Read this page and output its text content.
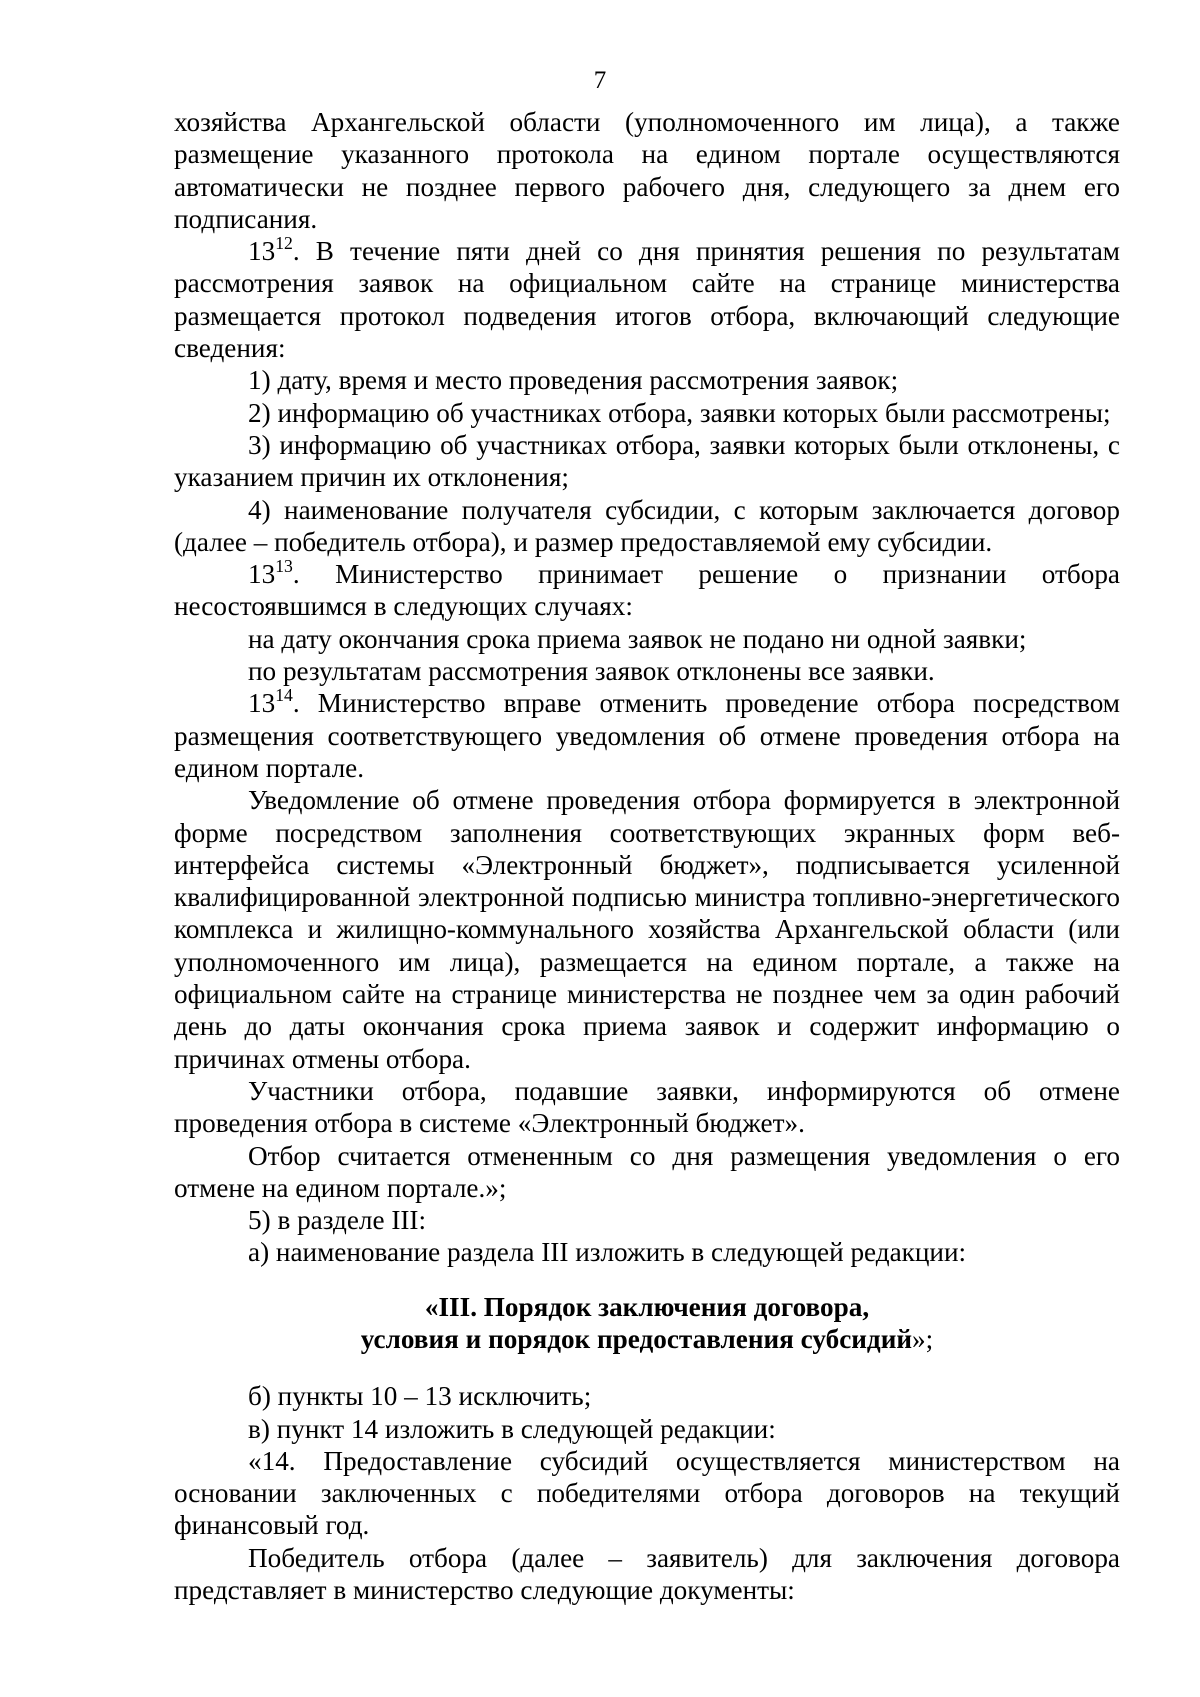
7

хозяйства Архангельской области (уполномоченного им лица), а также размещение указанного протокола на едином портале осуществляются автоматически не позднее первого рабочего дня, следующего за днем его подписания.

$13^{12}$. В течение пяти дней со дня принятия решения по результатам рассмотрения заявок на официальном сайте на странице министерства размещается протокол подведения итогов отбора, включающий следующие сведения:

1) дату, время и место проведения рассмотрения заявок;

2) информацию об участниках отбора, заявки которых были рассмотрены;

3) информацию об участниках отбора, заявки которых были отклонены, с указанием причин их отклонения;

4) наименование получателя субсидии, с которым заключается договор (далее – победитель отбора), и размер предоставляемой ему субсидии.

$13^{13}$. Министерство принимает решение о признании отбора несостоявшимся в следующих случаях:

на дату окончания срока приема заявок не подано ни одной заявки;

по результатам рассмотрения заявок отклонены все заявки.

$13^{14}$. Министерство вправе отменить проведение отбора посредством размещения соответствующего уведомления об отмене проведения отбора на едином портале.

Уведомление об отмене проведения отбора формируется в электронной форме посредством заполнения соответствующих экранных форм веб-интерфейса системы «Электронный бюджет», подписывается усиленной квалифицированной электронной подписью министра топливно-энергетического комплекса и жилищно-коммунального хозяйства Архангельской области (или уполномоченного им лица), размещается на едином портале, а также на официальном сайте на странице министерства не позднее чем за один рабочий день до даты окончания срока приема заявок и содержит информацию о причинах отмены отбора.

Участники отбора, подавшие заявки, информируются об отмене проведения отбора в системе «Электронный бюджет».

Отбор считается отмененным со дня размещения уведомления о его отмене на едином портале.»;

5) в разделе III:

а) наименование раздела III изложить в следующей редакции:

«III. Порядок заключения договора,
условия и порядок предоставления субсидий»;

б) пункты 10 – 13 исключить;

в) пункт 14 изложить в следующей редакции:

«14. Предоставление субсидий осуществляется министерством на основании заключенных с победителями отбора договоров на текущий финансовый год.

Победитель отбора (далее – заявитель) для заключения договора представляет в министерство следующие документы:
